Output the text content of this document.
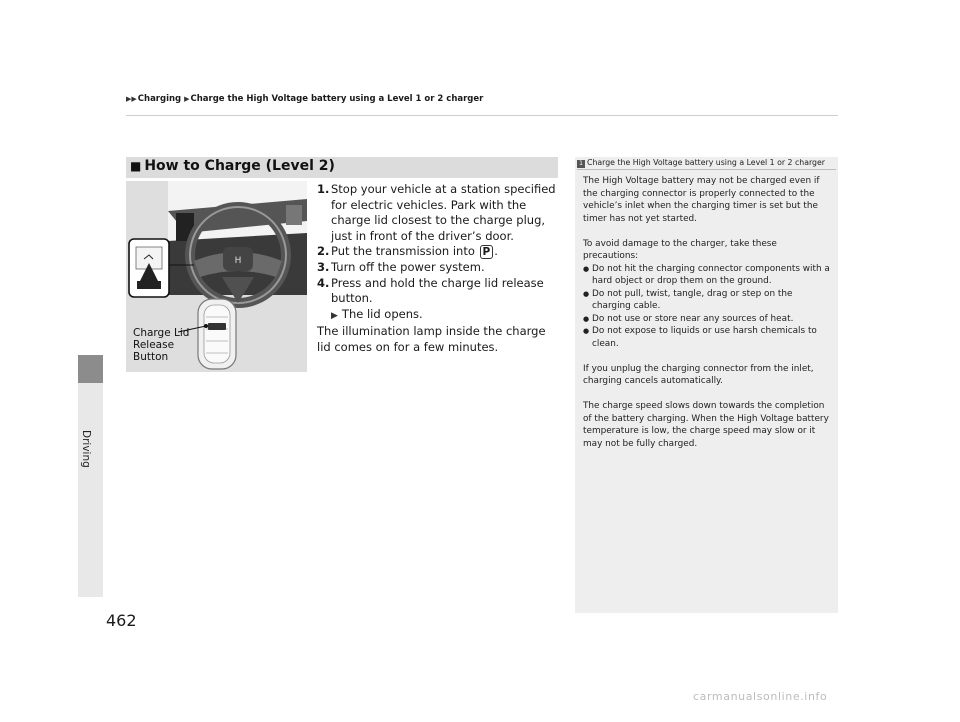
▶▶Charging ▶Charge the High Voltage battery using a Level 1 or 2 charger
Driving
■ How to Charge (Level 2)
H
Charge Lid
Release
Button
1. Stop your vehicle at a station specified for electric vehicles. Park with the charge lid closest to the charge plug, just in front of the driver’s door.
2. Put the transmission into P .
3. Turn off the power system.
4. Press and hold the charge lid release button.
▶ The lid opens.
The illumination lamp inside the charge lid comes on for a few minutes.
1 Charge the High Voltage battery using a Level 1 or 2 charger

The High Voltage battery may not be charged even if the charging connector is properly connected to the vehicle’s inlet when the charging timer is set but the timer has not yet started.

To avoid damage to the charger, take these precautions:
● Do not hit the charging connector components with a hard object or drop them on the ground.
● Do not pull, twist, tangle, drag or step on the charging cable.
● Do not use or store near any sources of heat.
● Do not expose to liquids or use harsh chemicals to clean.

If you unplug the charging connector from the inlet, charging cancels automatically.

The charge speed slows down towards the completion of the battery charging. When the High Voltage battery temperature is low, the charge speed may slow or it may not be fully charged.

462
carmanualsonline.info
